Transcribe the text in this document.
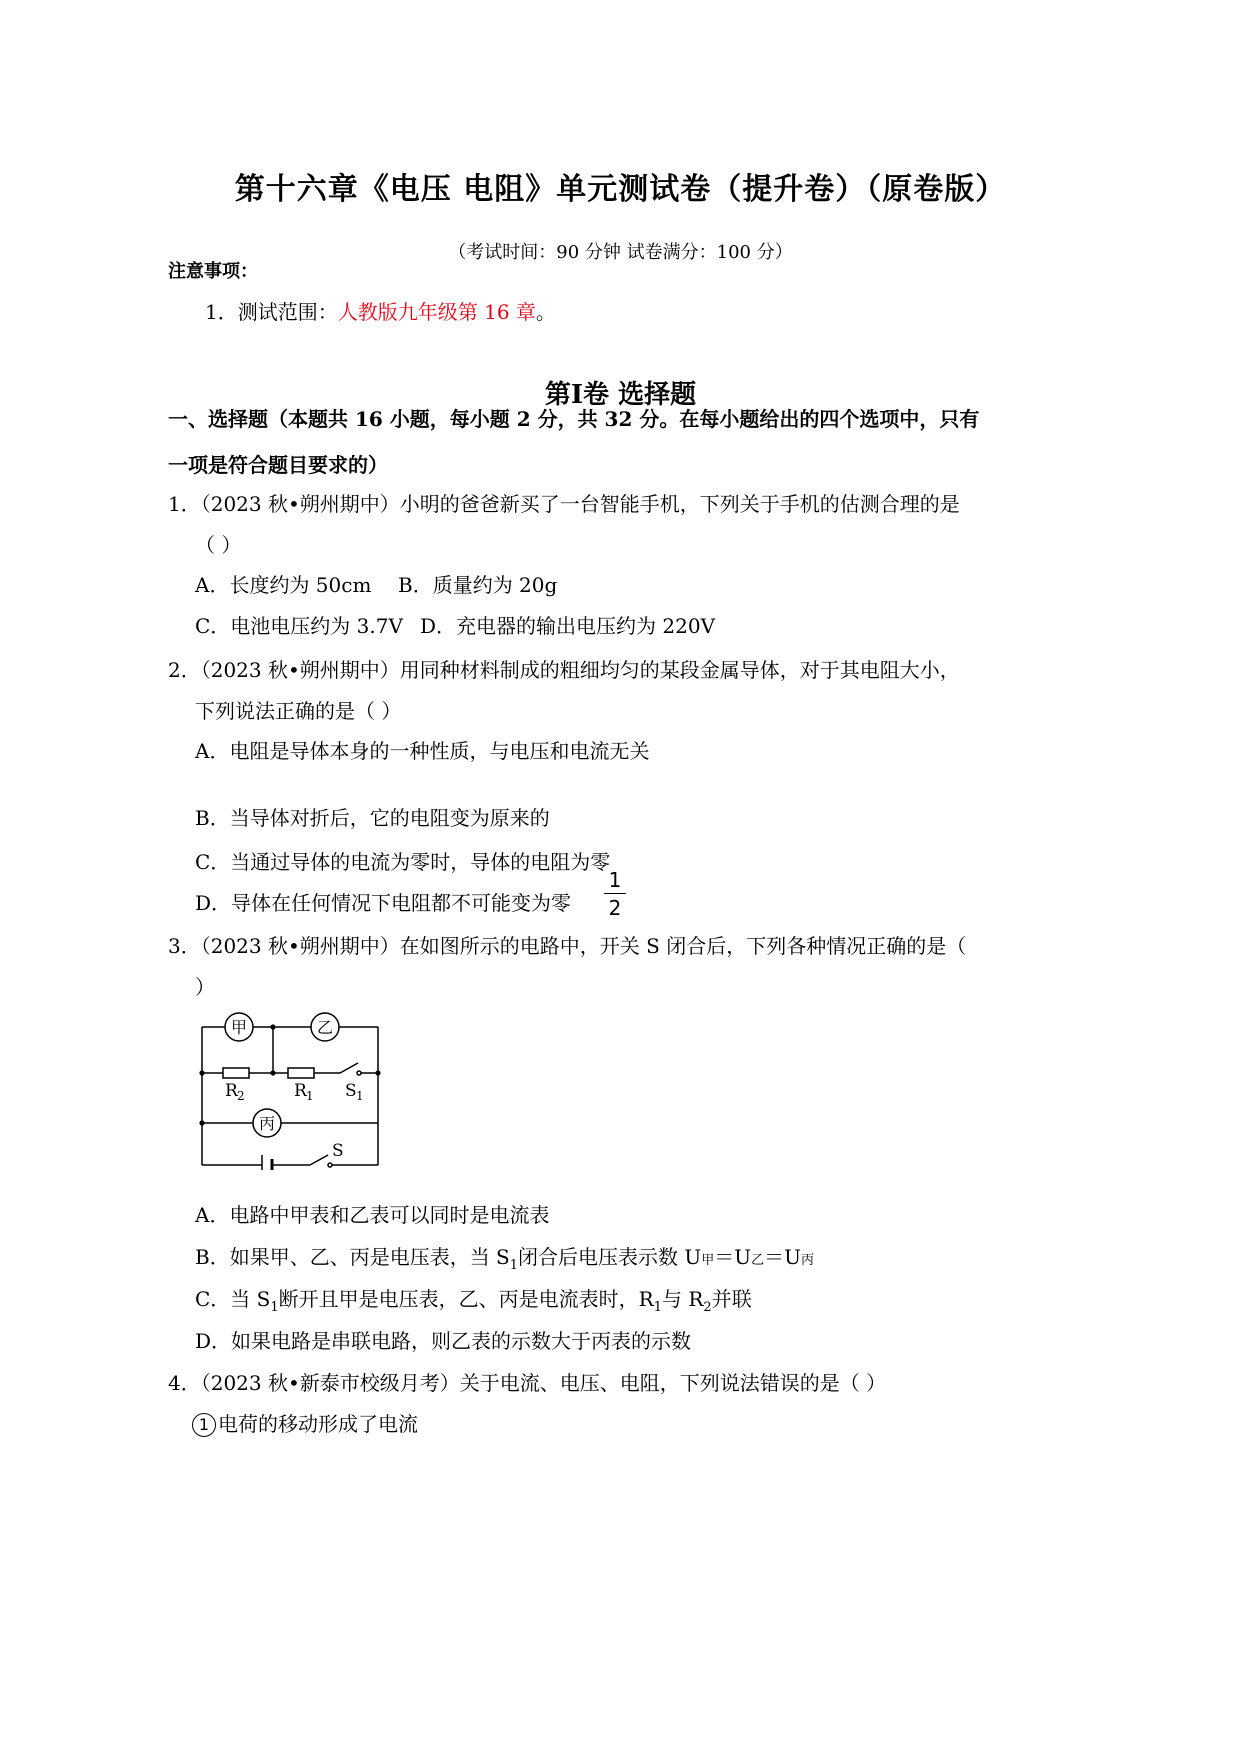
第十六章《电压 电阻》单元测试卷（提升卷）（原卷版）
（考试时间：90 分钟 试卷满分：100 分）
注意事项：
1．测试范围：人教版九年级第 16 章。
第Ⅰ卷 选择题
一、选择题（本题共 16 小题，每小题 2 分，共 32 分。在每小题给出的四个选项中，只有
一项是符合题目要求的）
1．（2023 秋•朔州期中）小明的爸爸新买了一台智能手机，下列关于手机的估测合理的是
（ ）
A．长度约为 50cm B．质量约为 20g
C．电池电压约为 3.7V D．充电器的输出电压约为 220V
2．（2023 秋•朔州期中）用同种材料制成的粗细均匀的某段金属导体，对于其电阻大小，
下列说法正确的是（ ）
A．电阻是导体本身的一种性质，与电压和电流无关
B．当导体对折后，它的电阻变为原来的
1
2
C．当通过导体的电流为零时，导体的电阻为零
D．导体在任何情况下电阻都不可能变为零
3．（2023 秋•朔州期中）在如图所示的电路中，开关 S 闭合后，下列各种情况正确的是（
）
甲	乙
丙
R 2	R 1 S 1
S
A．电路中甲表和乙表可以同时是电流表
B．如果甲、乙、丙是电压表，当 $S_1$闭合后电压表示数 U甲＝U乙＝U丙
C．当 $S_1$断开且甲是电压表，乙、丙是电流表时，$R_1$与 $R_2$并联
D．如果电路是串联电路，则乙表的示数大于丙表的示数
4．（2023 秋•新泰市校级月考）关于电流、电压、电阻，下列说法错误的是（ ）
1 电荷的移动形成了电流
